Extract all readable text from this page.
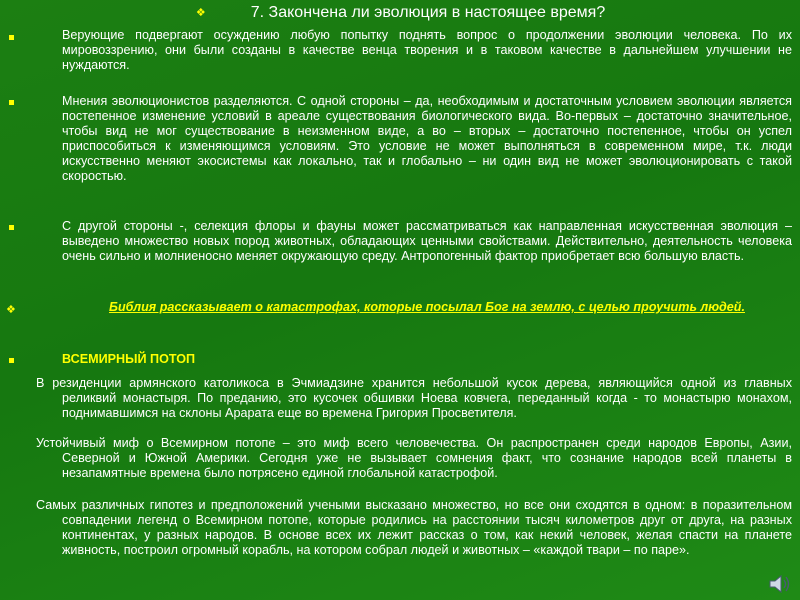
❖	7. Закончена ли эволюция в настоящее время?

Верующие подвергают осуждению любую попытку поднять вопрос о продолжении эволюции человека. По их мировоззрению, они были созданы в качестве венца творения и в таковом качестве в дальнейшем улучшении не нуждаются.

Мнения эволюционистов разделяются. С одной стороны – да, необходимым и достаточным условием эволюции является постепенное изменение условий в ареале существования биологического вида. Во-первых – достаточно значительное, чтобы вид не мог существование в неизменном виде, а во – вторых – достаточно постепенное, чтобы он успел приспособиться к изменяющимся условиям. Это условие не может выполняться в современном мире, т.к. люди искусственно меняют экосистемы как локально, так и глобально – ни один вид не может эволюционировать с такой скоростью.

С другой стороны -, селекция флоры и фауны может рассматриваться как направленная искусственная эволюция – выведено множество новых пород животных, обладающих ценными свойствами. Действительно, деятельность человека очень сильно и молниеносно меняет окружающую среду. Антропогенный фактор приобретает всю большую власть.

❖	Библия рассказывает о катастрофах, которые посылал Бог на землю, с целью проучить людей.

ВСЕМИРНЫЙ ПОТОП

В резиденции армянского католикоса в Эчмиадзине хранится небольшой кусок дерева, являющийся одной из главных реликвий монастыря. По преданию, это кусочек обшивки Ноева ковчега, переданный когда - то монастырю монахом, поднимавшимся на склоны Арарата еще во времена Григория Просветителя.

Устойчивый миф о Всемирном потопе – это миф всего человечества. Он распространен среди народов Европы, Азии, Северной и Южной Америки. Сегодня уже не вызывает сомнения факт, что сознание народов всей планеты в незапамятные времена было потрясено единой глобальной катастрофой.

Самых различных гипотез и предположений учеными высказано множество, но все они сходятся в одном: в поразительном совпадении легенд о Всемирном потопе, которые родились на расстоянии тысяч километров друг от друга, на разных континентах, у разных народов. В основе всех их лежит рассказ о том, как некий человек, желая спасти на планете живность, построил огромный корабль, на котором собрал людей и животных – «каждой твари – по паре».
